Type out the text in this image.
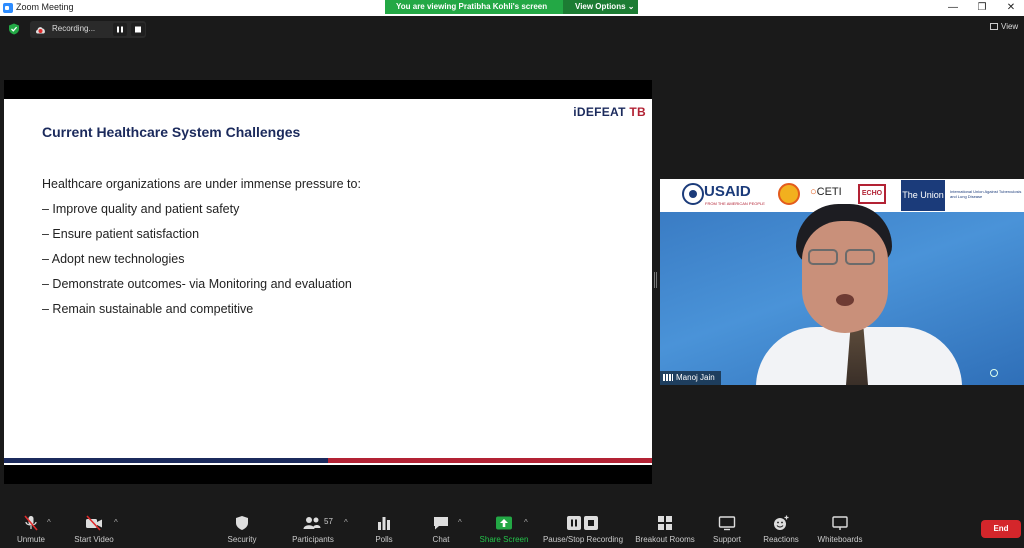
Zoom Meeting	— ❐ ✕
You are viewing Pratibha Kohli's screen	View Options ⌄
Recording...	View
iDEFEAT TB
Current Healthcare System Challenges
Healthcare organizations are under immense pressure to:
– Improve quality and patient safety
– Ensure patient satisfaction
– Adopt new technologies
– Demonstrate outcomes- via Monitoring and evaluation
– Remain sustainable and competitive
USAID
FROM THE AMERICAN PEOPLE
○CETI	ECHO	The Union	International Union Against Tuberculosis and Lung Disease
Manoj Jain
Unmute
^
Start Video
^
Security
57
Participants
^
Polls	Chat
^
Share Screen
^
Pause/Stop Recording	Breakout Rooms	Support	Reactions	Whiteboards
End
